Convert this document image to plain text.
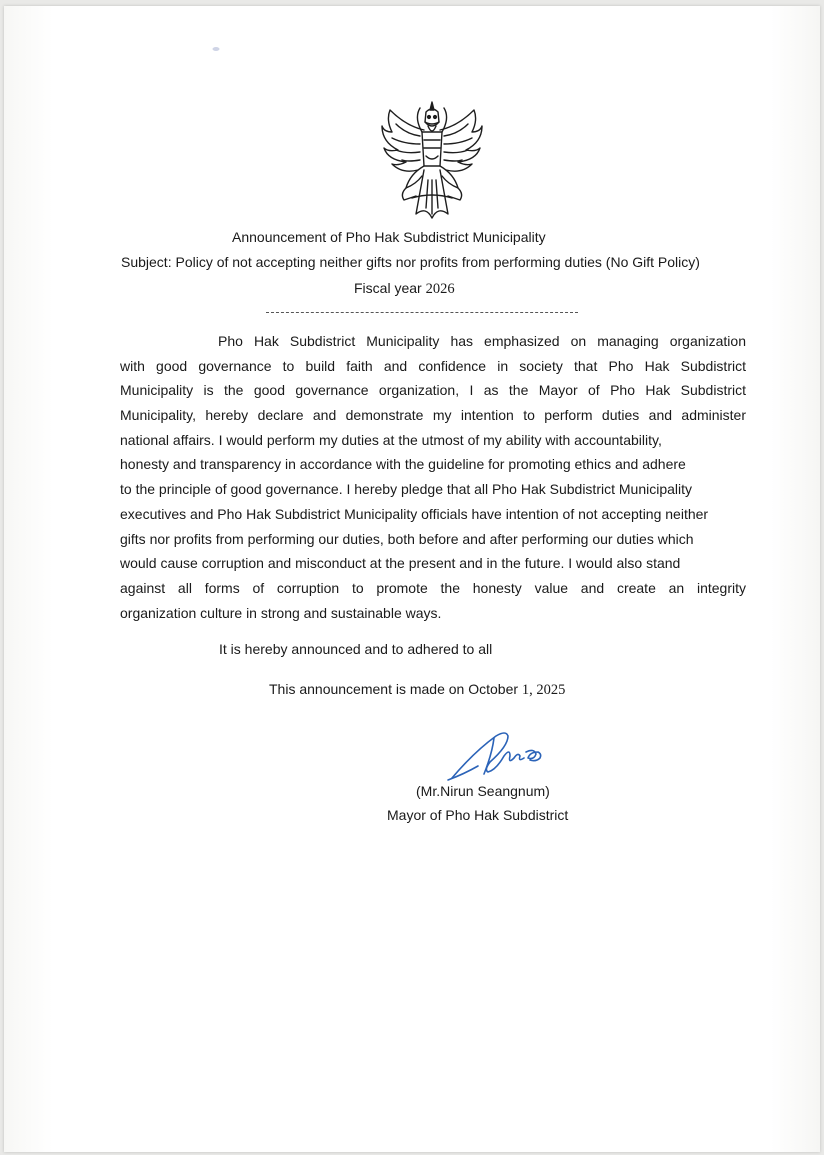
Announcement of Pho Hak Subdistrict Municipality
Subject: Policy of not accepting neither gifts nor profits from performing duties (No Gift Policy)
Fiscal year 2026
Pho Hak Subdistrict Municipality has emphasized on managing organization
with good governance to build faith and confidence in society that Pho Hak Subdistrict
Municipality is the good governance organization, I as the Mayor of Pho Hak Subdistrict
Municipality, hereby declare and demonstrate my intention to perform duties and administer
national affairs. I would perform my duties at the utmost of my ability with accountability,
honesty and transparency in accordance with the guideline for promoting ethics and adhere
to the principle of good governance. I hereby pledge that all Pho Hak Subdistrict Municipality
executives and Pho Hak Subdistrict Municipality officials have intention of not accepting neither
gifts nor profits from performing our duties, both before and after performing our duties which
would cause corruption and misconduct at the present and in the future. I would also stand
against all forms of corruption to promote the honesty value and create an integrity
organization culture in strong and sustainable ways.
It is hereby announced and to adhered to all
This announcement is made on October 1, 2025
(Mr.Nirun Seangnum)
Mayor of Pho Hak Subdistrict
